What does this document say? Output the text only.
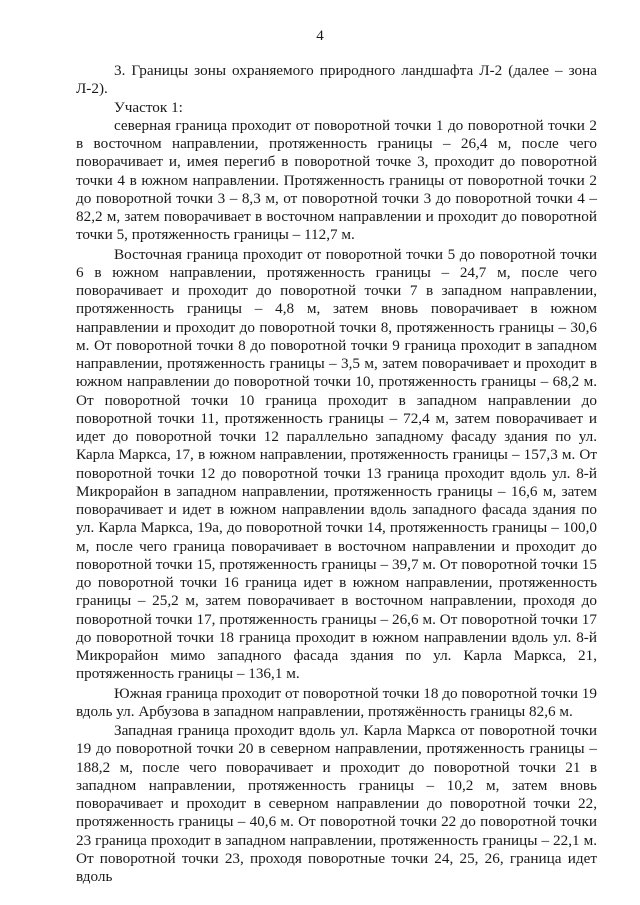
4

3. Границы зоны охраняемого природного ландшафта Л-2 (далее – зона Л-2).

Участок 1:

северная граница проходит от поворотной точки 1 до поворотной точки 2 в восточном направлении, протяженность границы – 26,4 м, после чего поворачивает и, имея перегиб в поворотной точке 3, проходит до поворотной точки 4 в южном направлении. Протяженность границы от поворотной точки 2 до поворотной точки 3 – 8,3 м, от поворотной точки 3 до поворотной точки 4 – 82,2 м, затем поворачивает в восточном направлении и проходит до поворотной точки 5, протяженность границы – 112,7 м.

Восточная граница проходит от поворотной точки 5 до поворотной точки 6 в южном направлении, протяженность границы – 24,7 м, после чего поворачивает и проходит до поворотной точки 7 в западном направлении, протяженность границы – 4,8 м, затем вновь поворачивает в южном направлении и проходит до поворотной точки 8, протяженность границы – 30,6 м. От поворотной точки 8 до поворотной точки 9 граница проходит в западном направлении, протяженность границы – 3,5 м, затем поворачивает и проходит в южном направлении до поворотной точки 10, протяженность границы – 68,2 м. От поворотной точки 10 граница проходит в западном направлении до поворотной точки 11, протяженность границы – 72,4 м, затем поворачивает и идет до поворотной точки 12 параллельно западному фасаду здания по ул. Карла Маркса, 17, в южном направлении, протяженность границы – 157,3 м. От поворотной точки 12 до поворотной точки 13 граница проходит вдоль ул. 8-й Микрорайон в западном направлении, протяженность границы – 16,6 м, затем поворачивает и идет в южном направлении вдоль западного фасада здания по ул. Карла Маркса, 19а, до поворотной точки 14, протяженность границы – 100,0 м, после чего граница поворачивает в восточном направлении и проходит до поворотной точки 15, протяженность границы – 39,7 м. От поворотной точки 15 до поворотной точки 16 граница идет в южном направлении, протяженность границы – 25,2 м, затем поворачивает в восточном направлении, проходя до поворотной точки 17, протяженность границы – 26,6 м. От поворотной точки 17 до поворотной точки 18 граница проходит в южном направлении вдоль ул. 8-й Микрорайон мимо западного фасада здания по ул. Карла Маркса, 21, протяженность границы – 136,1 м.

Южная граница проходит от поворотной точки 18 до поворотной точки 19 вдоль ул. Арбузова в западном направлении, протяжённость границы 82,6 м.

Западная граница проходит вдоль ул. Карла Маркса от поворотной точки 19 до поворотной точки 20 в северном направлении, протяженность границы – 188,2 м, после чего поворачивает и проходит до поворотной точки 21 в западном направлении, протяженность границы – 10,2 м, затем вновь поворачивает и проходит в северном направлении до поворотной точки 22, протяженность границы – 40,6 м. От поворотной точки 22 до поворотной точки 23 граница проходит в западном направлении, протяженность границы – 22,1 м. От поворотной точки 23, проходя поворотные точки 24, 25, 26, граница идет вдоль
